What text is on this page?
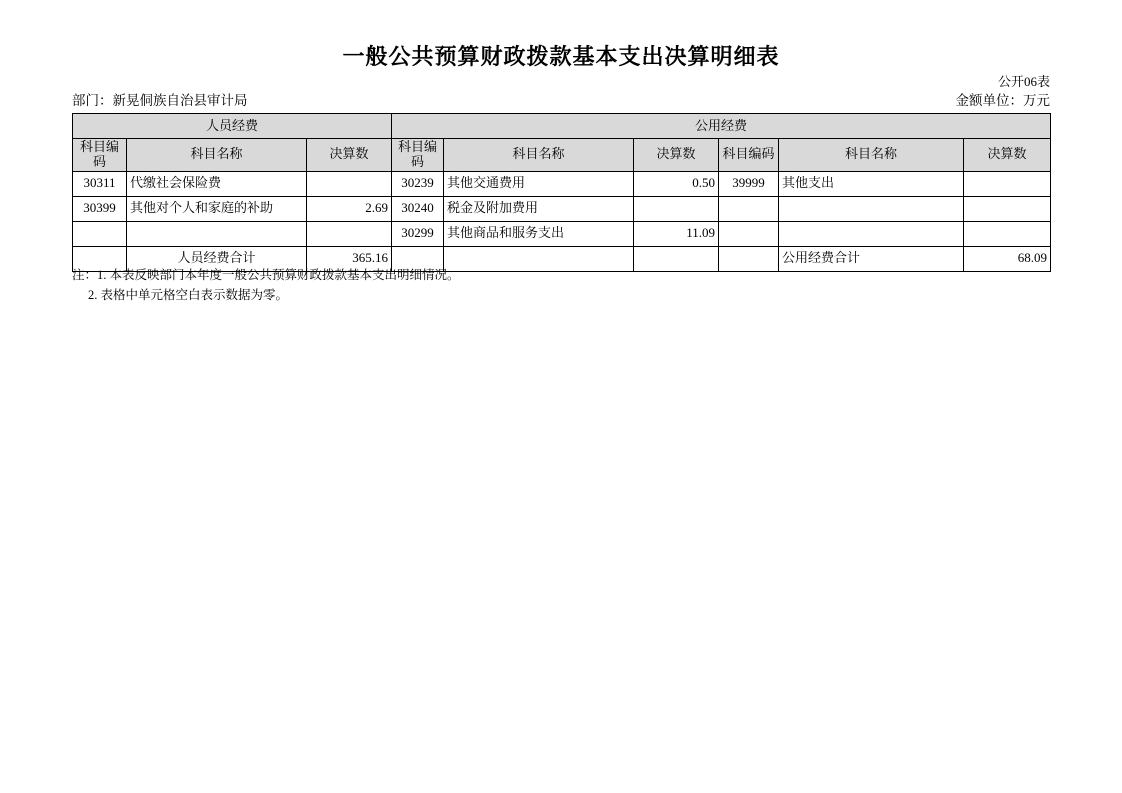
一般公共预算财政拨款基本支出决算明细表
公开06表
部门：新晃侗族自治县审计局	金额单位：万元
人员经费			公用经费					
科目编码	科目名称	决算数	科目编码	科目名称	决算数	科目编码	科目名称	决算数
30311	代缴社会保险费		30239	其他交通费用	0.50	39999	其他支出	
30399	其他对个人和家庭的补助	2.69	30240	税金及附加费用				
			30299	其他商品和服务支出	11.09			
	人员经费合计	365.16					公用经费合计	68.09
注：1. 本表反映部门本年度一般公共预算财政拨款基本支出明细情况。
2. 表格中单元格空白表示数据为零。
